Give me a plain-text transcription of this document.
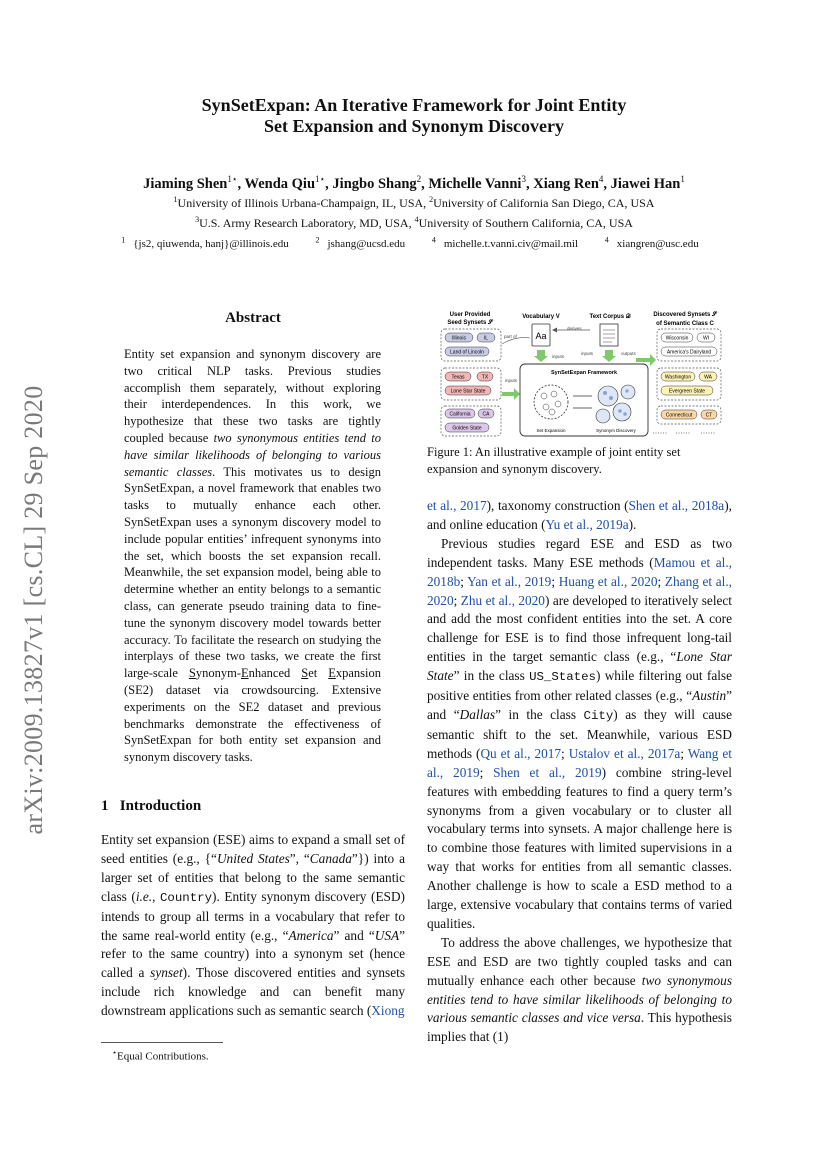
arXiv:2009.13827v1 [cs.CL] 29 Sep 2020
SynSetExpan: An Iterative Framework for Joint Entity
Set Expansion and Synonym Discovery
Jiaming Shen$^{1⋆}$, Wenda Qiu$^{1⋆}$, Jingbo Shang$^2$, Michelle Vanni$^3$, Xiang Ren$^4$, Jiawei Han$^1$
$^1$University of Illinois Urbana-Champaign, IL, USA, $^2$University of California San Diego, CA, USA
$^3$U.S. Army Research Laboratory, MD, USA, $^4$University of Southern California, CA, USA
$^1$ {js2, qiuwenda, hanj}@illinois.edu	$^2$ jshang@ucsd.edu	$^4$ michelle.t.vanni.civ@mail.mil	$^4$ xiangren@usc.edu
Abstract
Entity set expansion and synonym discovery are two critical NLP tasks. Previous studies accomplish them separately, without exploring their interdependences. In this work, we hypothesize that these two tasks are tightly coupled because two synonymous entities tend to have similar likelihoods of belonging to various semantic classes. This motivates us to design SynSetExpan, a novel framework that enables two tasks to mutually enhance each other. SynSetExpan uses a synonym discovery model to include popular entities’ infrequent synonyms into the set, which boosts the set expansion recall. Meanwhile, the set expansion model, being able to determine whether an entity belongs to a semantic class, can generate pseudo training data to fine-tune the synonym discovery model towards better accuracy. To facilitate the research on studying the interplays of these two tasks, we create the first large-scale Synonym-Enhanced Set Expansion (SE2) dataset via crowdsourcing. Extensive experiments on the SE2 dataset and previous benchmarks demonstrate the effectiveness of SynSetExpan for both entity set expansion and synonym discovery tasks.
1 Introduction
Entity set expansion (ESE) aims to expand a small set of seed entities (e.g., {“United States”, “Canada”}) into a larger set of entities that belong to the same semantic class (i.e., Country). Entity synonym discovery (ESD) intends to group all terms in a vocabulary that refer to the same real-world entity (e.g., “America” and “USA” refer to the same country) into a synonym set (hence called a synset). Those discovered entities and synsets include rich knowledge and can benefit many downstream applications such as semantic search (Xiong
⋆Equal Contributions.
User Provided
Seed Synsets 𝒮
Vocabulary V	Text Corpus 𝒟	Discovered Synsets 𝒮
of Semantic Class C
Illinois	IL
Land of Lincoln
Texas	TX
Lone Star State
California CA
Golden State
Aa
derives
part of
inputs
inputs	outputs
inputs
SynSetExpan Framework
Set Expansion	Synonym Discovery
Wisconsin	WI
America's Dairyland
Washington	WA
Evergreen State
Connecticut	CT
Figure 1: An illustrative example of joint entity set expansion and synonym discovery.

et al., 2017), taxonomy construction (Shen et al., 2018a), and online education (Yu et al., 2019a).

Previous studies regard ESE and ESD as two independent tasks. Many ESE methods (Mamou et al., 2018b; Yan et al., 2019; Huang et al., 2020; Zhang et al., 2020; Zhu et al., 2020) are developed to iteratively select and add the most confident entities into the set. A core challenge for ESE is to find those infrequent long-tail entities in the target semantic class (e.g., “Lone Star State” in the class US_States) while filtering out false positive entities from other related classes (e.g., “Austin” and “Dallas” in the class City) as they will cause semantic shift to the set. Meanwhile, various ESD methods (Qu et al., 2017; Ustalov et al., 2017a; Wang et al., 2019; Shen et al., 2019) combine string-level features with embedding features to find a query term’s synonyms from a given vocabulary or to cluster all vocabulary terms into synsets. A major challenge here is to combine those features with limited supervisions in a way that works for entities from all semantic classes. Another challenge is how to scale a ESD method to a large, extensive vocabulary that contains terms of varied qualities.

To address the above challenges, we hypothesize that ESE and ESD are two tightly coupled tasks and can mutually enhance each other because two synonymous entities tend to have similar likelihoods of belonging to various semantic classes and vice versa. This hypothesis implies that (1)
